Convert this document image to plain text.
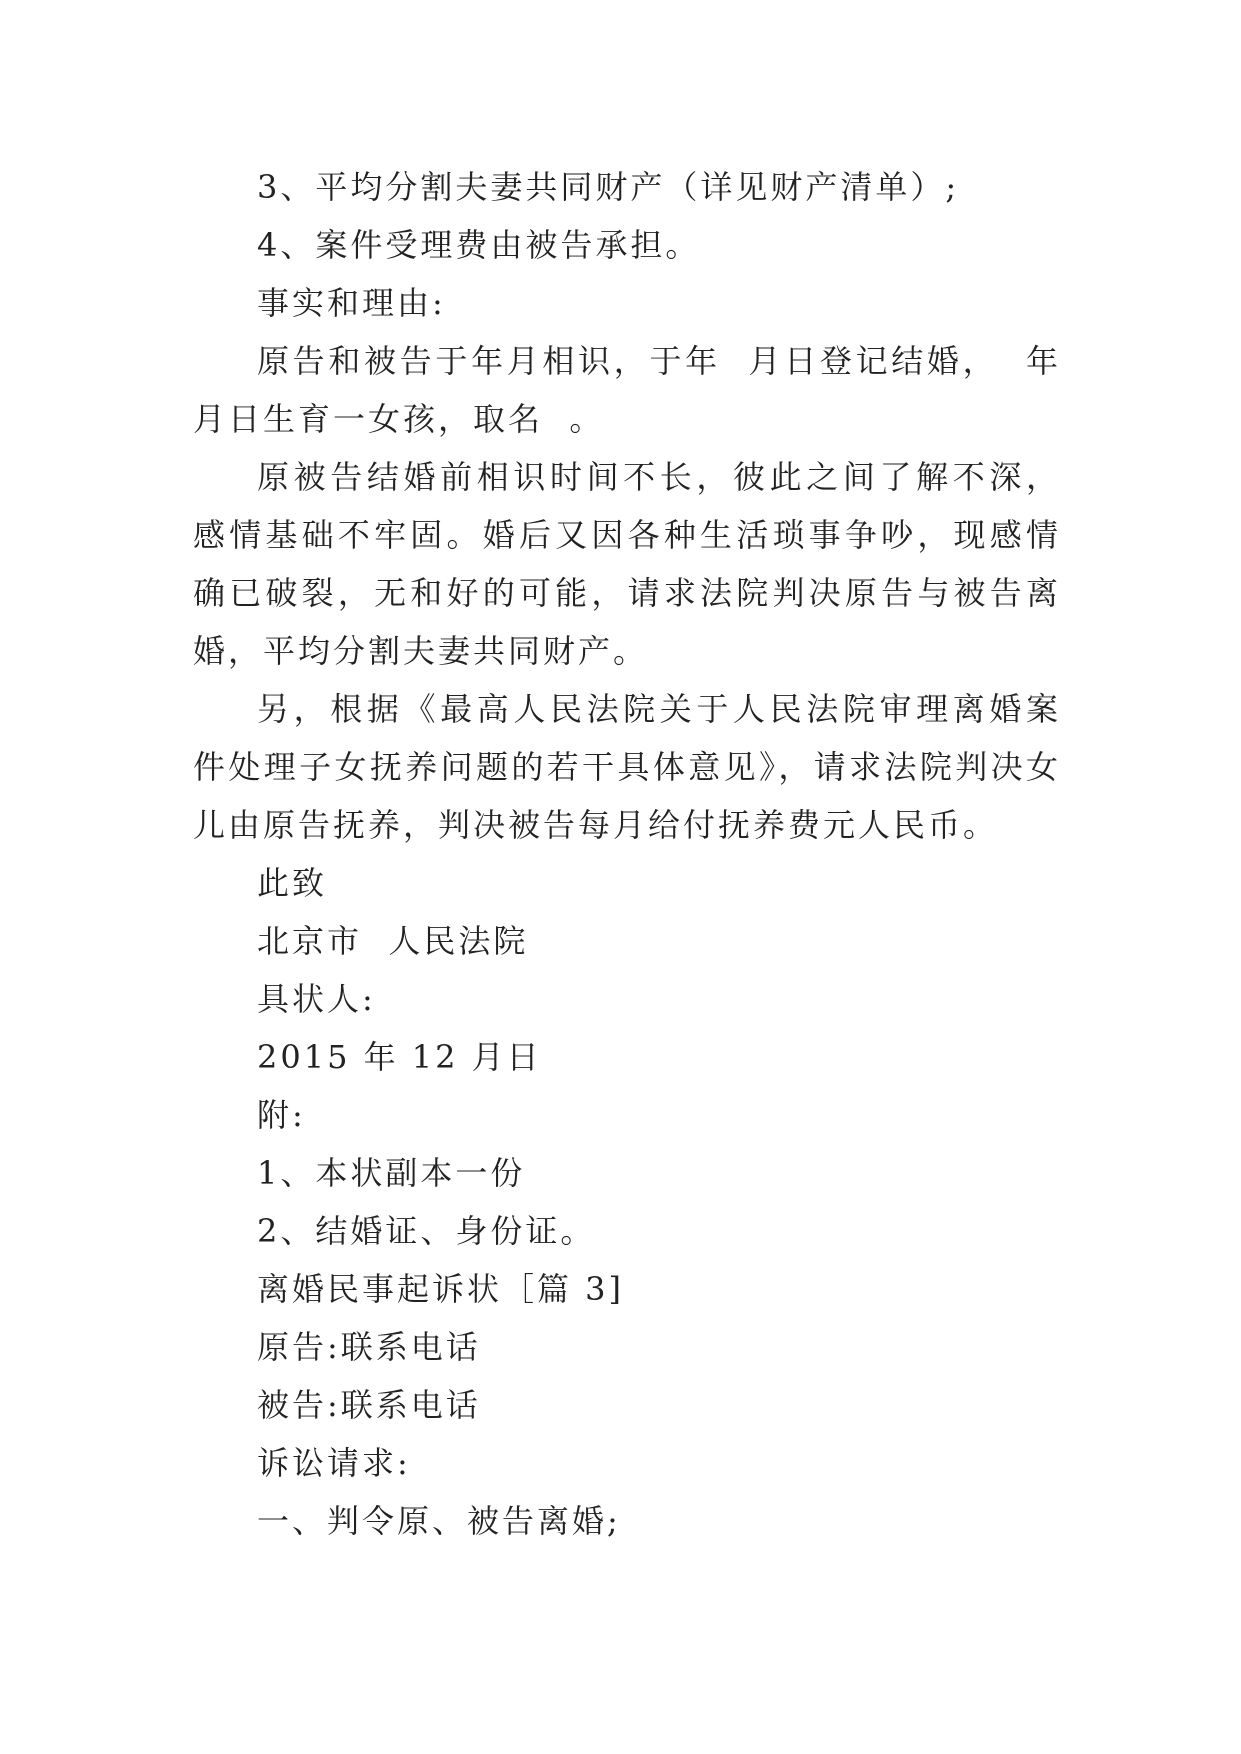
3、平均分割夫妻共同财产（详见财产清单）;

4、案件受理费由被告承担。

事实和理由:

原告和被告于年月相识，于年  月日登记结婚，  年月日生育一女孩，取名  。

原被告结婚前相识时间不长，彼此之间了解不深，感情基础不牢固。婚后又因各种生活琐事争吵，现感情确已破裂，无和好的可能，请求法院判决原告与被告离婚，平均分割夫妻共同财产。

另，根据《最高人民法院关于人民法院审理离婚案件处理子女抚养问题的若干具体意见》，请求法院判决女儿由原告抚养，判决被告每月给付抚养费元人民币。

此致

北京市  人民法院

具状人:

2015 年 12 月日

附:

1、本状副本一份

2、结婚证、身份证。

离婚民事起诉状［篇 3]

原告:联系电话

被告:联系电话

诉讼请求:

一、判令原、被告离婚;
